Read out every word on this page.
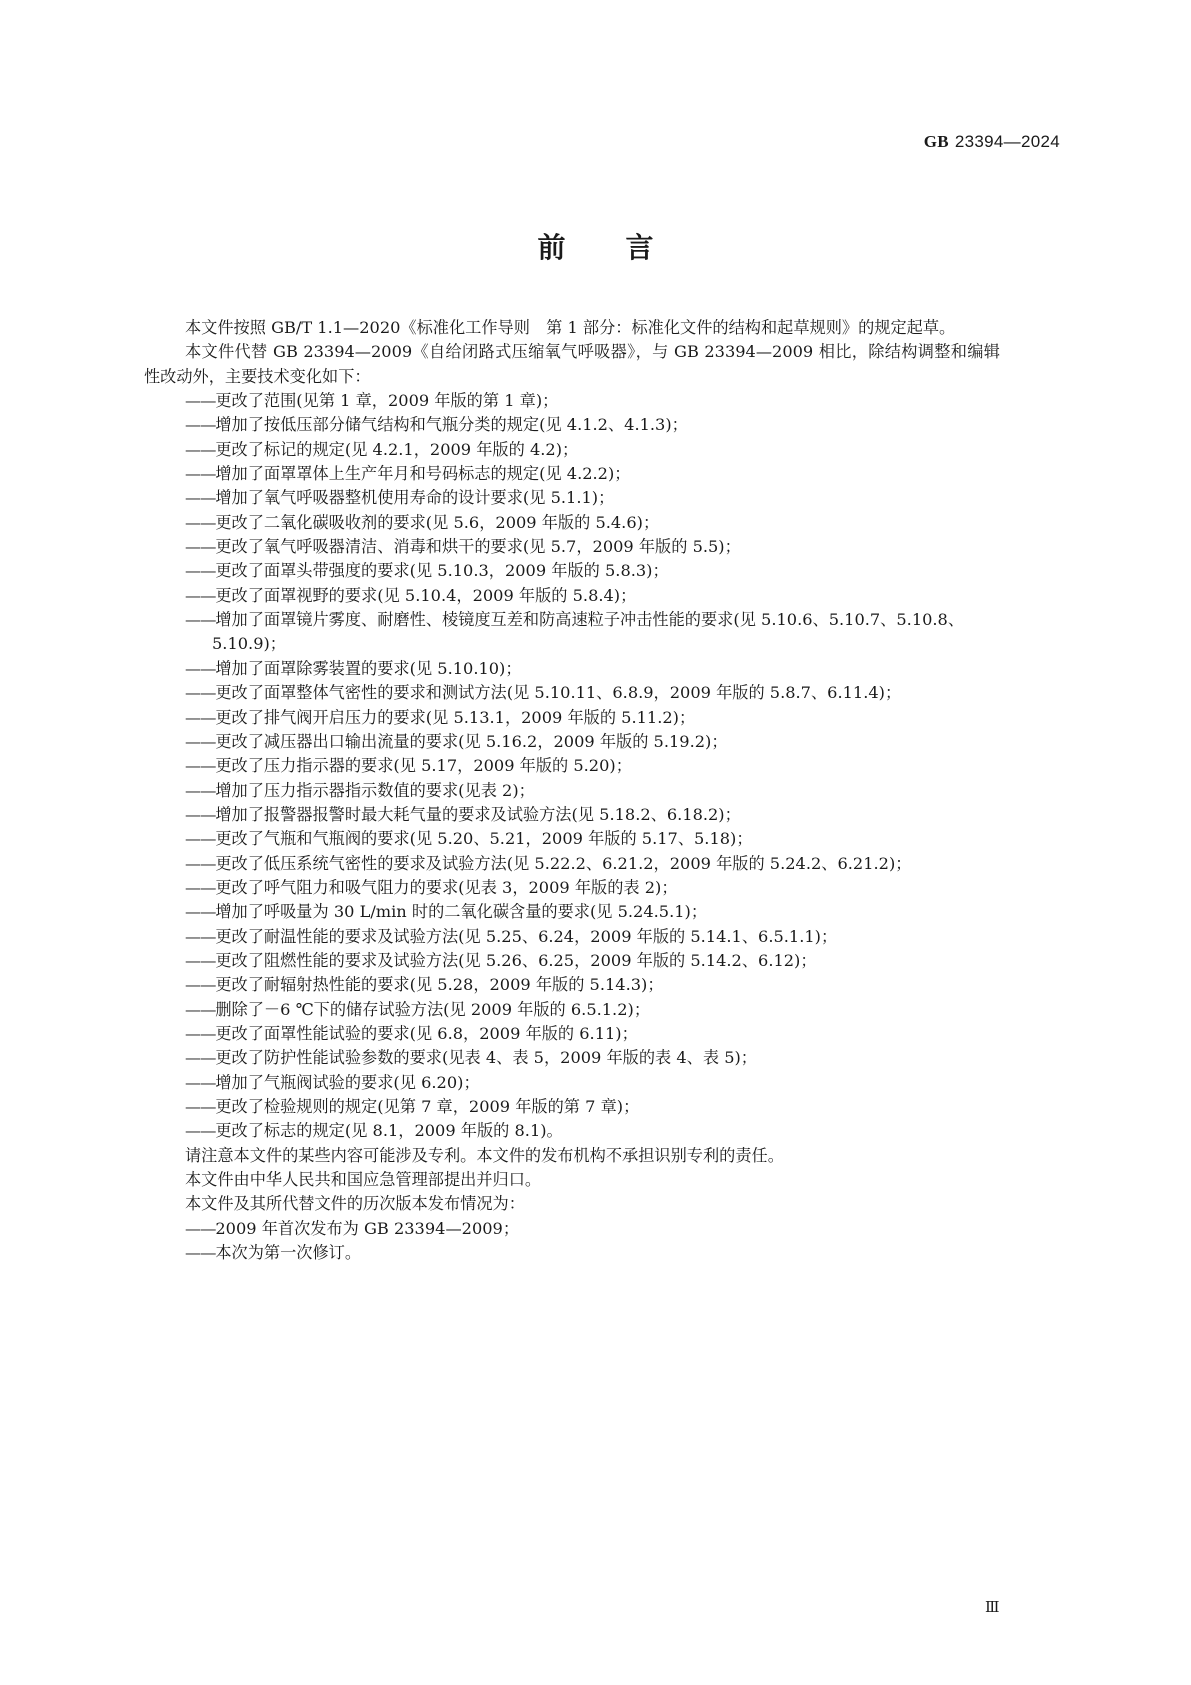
GB 23394—2024
前言

本文件按照 GB/T 1.1—2020《标准化工作导则　第 1 部分：标准化文件的结构和起草规则》的规定起草。

本文件代替 GB 23394—2009《自给闭路式压缩氧气呼吸器》，与 GB 23394—2009 相比，除结构调整和编辑性改动外，主要技术变化如下：

——更改了范围(见第 1 章，2009 年版的第 1 章)；

——增加了按低压部分储气结构和气瓶分类的规定(见 4.1.2、4.1.3)；

——更改了标记的规定(见 4.2.1，2009 年版的 4.2)；

——增加了面罩罩体上生产年月和号码标志的规定(见 4.2.2)；

——增加了氧气呼吸器整机使用寿命的设计要求(见 5.1.1)；

——更改了二氧化碳吸收剂的要求(见 5.6，2009 年版的 5.4.6)；

——更改了氧气呼吸器清洁、消毒和烘干的要求(见 5.7，2009 年版的 5.5)；

——更改了面罩头带强度的要求(见 5.10.3，2009 年版的 5.8.3)；

——更改了面罩视野的要求(见 5.10.4，2009 年版的 5.8.4)；

——增加了面罩镜片雾度、耐磨性、棱镜度互差和防高速粒子冲击性能的要求(见 5.10.6、5.10.7、5.10.8、5.10.9)；

——增加了面罩除雾装置的要求(见 5.10.10)；

——更改了面罩整体气密性的要求和测试方法(见 5.10.11、6.8.9，2009 年版的 5.8.7、6.11.4)；

——更改了排气阀开启压力的要求(见 5.13.1，2009 年版的 5.11.2)；

——更改了减压器出口输出流量的要求(见 5.16.2，2009 年版的 5.19.2)；

——更改了压力指示器的要求(见 5.17，2009 年版的 5.20)；

——增加了压力指示器指示数值的要求(见表 2)；

——增加了报警器报警时最大耗气量的要求及试验方法(见 5.18.2、6.18.2)；

——更改了气瓶和气瓶阀的要求(见 5.20、5.21，2009 年版的 5.17、5.18)；

——更改了低压系统气密性的要求及试验方法(见 5.22.2、6.21.2，2009 年版的 5.24.2、6.21.2)；

——更改了呼气阻力和吸气阻力的要求(见表 3，2009 年版的表 2)；

——增加了呼吸量为 30 L/min 时的二氧化碳含量的要求(见 5.24.5.1)；

——更改了耐温性能的要求及试验方法(见 5.25、6.24，2009 年版的 5.14.1、6.5.1.1)；

——更改了阻燃性能的要求及试验方法(见 5.26、6.25，2009 年版的 5.14.2、6.12)；

——更改了耐辐射热性能的要求(见 5.28，2009 年版的 5.14.3)；

——删除了－6 ℃下的储存试验方法(见 2009 年版的 6.5.1.2)；

——更改了面罩性能试验的要求(见 6.8，2009 年版的 6.11)；

——更改了防护性能试验参数的要求(见表 4、表 5，2009 年版的表 4、表 5)；

——增加了气瓶阀试验的要求(见 6.20)；

——更改了检验规则的规定(见第 7 章，2009 年版的第 7 章)；

——更改了标志的规定(见 8.1，2009 年版的 8.1)。

请注意本文件的某些内容可能涉及专利。本文件的发布机构不承担识别专利的责任。

本文件由中华人民共和国应急管理部提出并归口。

本文件及其所代替文件的历次版本发布情况为：

——2009 年首次发布为 GB 23394—2009；

——本次为第一次修订。

Ⅲ
